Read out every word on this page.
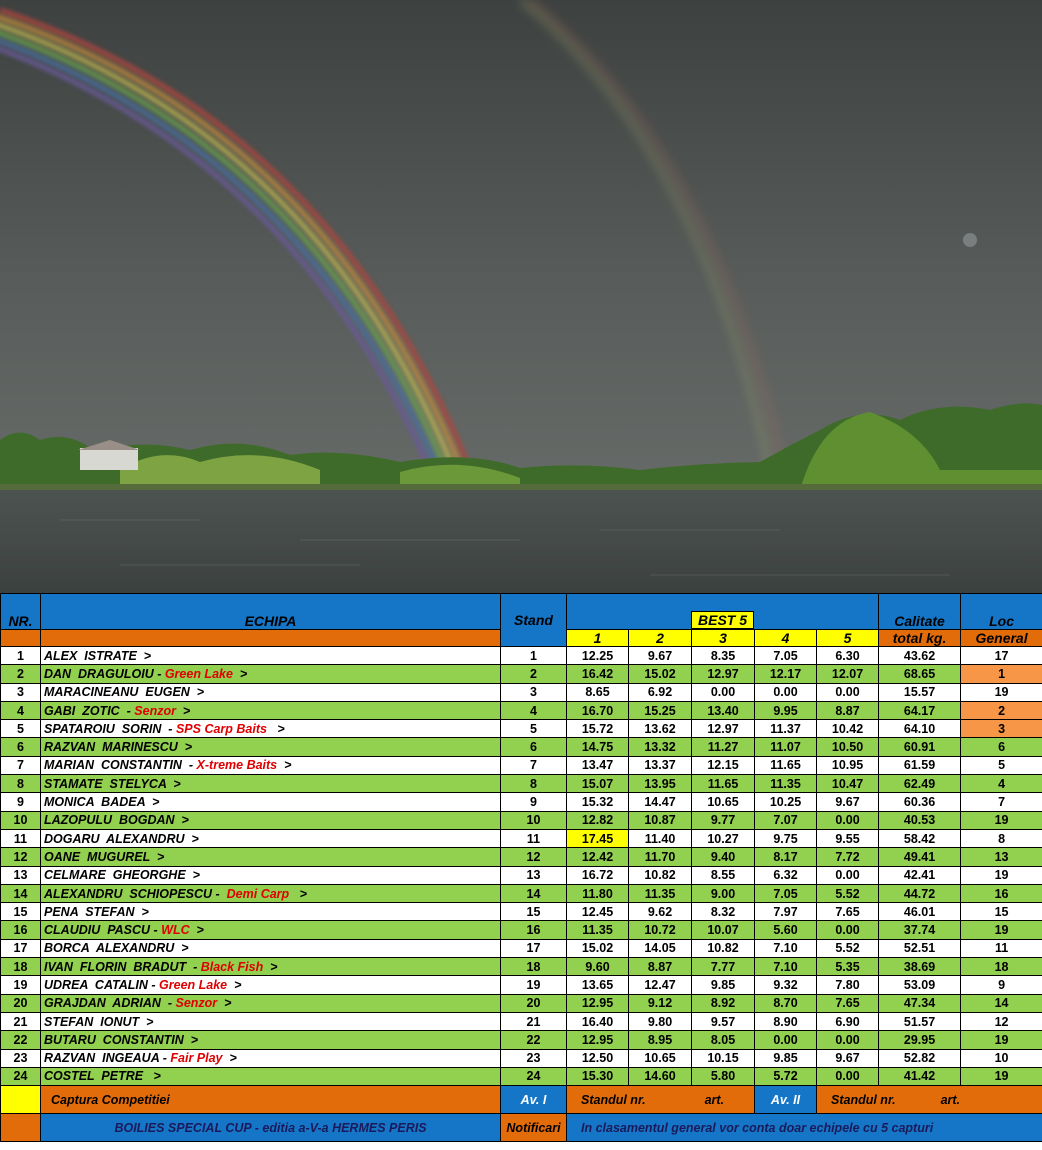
NR.	ECHIPA	Stand	BEST 5					Calitate	Loc
			1	2	3	4	5	total kg.	General
1	ALEX  ISTRATE  >	1	12.25	9.67	8.35	7.05	6.30	43.62	17
2	DAN  DRAGULOIU - Green Lake  >	2	16.42	15.02	12.97	12.17	12.07	68.65	1
3	MARACINEANU  EUGEN  >	3	8.65	6.92	0.00	0.00	0.00	15.57	19
4	GABI  ZOTIC  - Senzor  >	4	16.70	15.25	13.40	9.95	8.87	64.17	2
5	SPATAROIU  SORIN  - SPS Carp Baits   >	5	15.72	13.62	12.97	11.37	10.42	64.10	3
6	RAZVAN  MARINESCU  >	6	14.75	13.32	11.27	11.07	10.50	60.91	6
7	MARIAN  CONSTANTIN  - X-treme Baits  >	7	13.47	13.37	12.15	11.65	10.95	61.59	5
8	STAMATE  STELYCA  >	8	15.07	13.95	11.65	11.35	10.47	62.49	4
9	MONICA  BADEA  >	9	15.32	14.47	10.65	10.25	9.67	60.36	7
10	LAZOPULU  BOGDAN  >	10	12.82	10.87	9.77	7.07	0.00	40.53	19
11	DOGARU  ALEXANDRU  >	11	17.45	11.40	10.27	9.75	9.55	58.42	8
12	OANE  MUGUREL  >	12	12.42	11.70	9.40	8.17	7.72	49.41	13
13	CELMARE  GHEORGHE  >	13	16.72	10.82	8.55	6.32	0.00	42.41	19
14	ALEXANDRU  SCHIOPESCU -  Demi Carp   >	14	11.80	11.35	9.00	7.05	5.52	44.72	16
15	PENA  STEFAN  >	15	12.45	9.62	8.32	7.97	7.65	46.01	15
16	CLAUDIU  PASCU - WLC  >	16	11.35	10.72	10.07	5.60	0.00	37.74	19
17	BORCA  ALEXANDRU  >	17	15.02	14.05	10.82	7.10	5.52	52.51	11
18	IVAN  FLORIN  BRADUT  - Black Fish  >	18	9.60	8.87	7.77	7.10	5.35	38.69	18
19	UDREA  CATALIN - Green Lake  >	19	13.65	12.47	9.85	9.32	7.80	53.09	9
20	GRAJDAN  ADRIAN  - Senzor  >	20	12.95	9.12	8.92	8.70	7.65	47.34	14
21	STEFAN  IONUT  >	21	16.40	9.80	9.57	8.90	6.90	51.57	12
22	BUTARU  CONSTANTIN  >	22	12.95	8.95	8.05	0.00	0.00	29.95	19
23	RAZVAN  INGEAUA - Fair Play  >	23	12.50	10.65	10.15	9.85	9.67	52.82	10
24	COSTEL  PETRE   >	24	15.30	14.60	5.80	5.72	0.00	41.42	19
	Captura Competitiei	Av. I	Standul nr. art.			Av. II	Standul nr. art.		
	BOILIES SPECIAL CUP - editia a-V-a HERMES PERIS	Notificari	In clasamentul general vor conta doar echipele cu 5 capturi						
